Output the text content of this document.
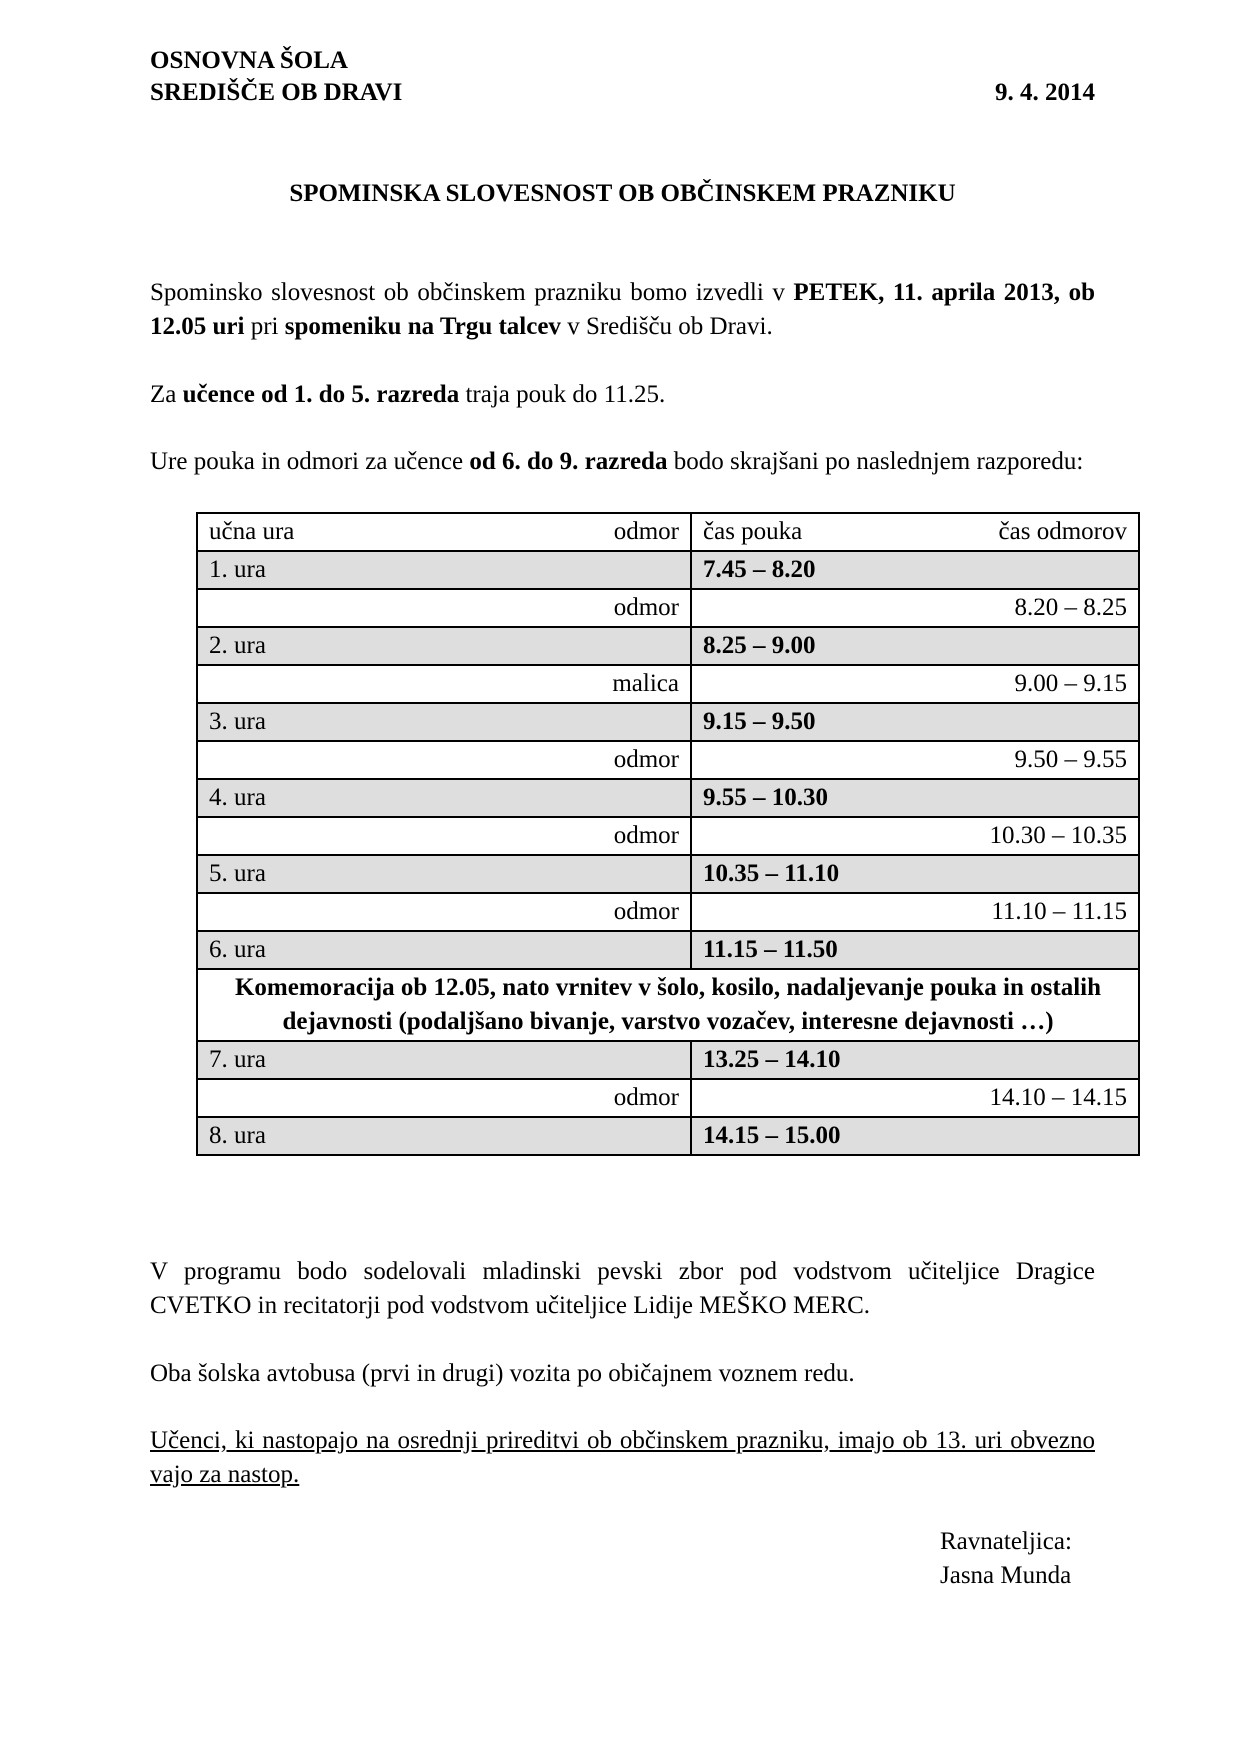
OSNOVNA ŠOLA
SREDIŠČE OB DRAVI	9. 4. 2014
SPOMINSKA SLOVESNOST OB OBČINSKEM PRAZNIKU
Spominsko slovesnost ob občinskem prazniku bomo izvedli v PETEK, 11. aprila 2013, ob 12.05 uri pri spomeniku na Trgu talcev v Središču ob Dravi.
Za učence od 1. do 5. razreda traja pouk do 11.25.
Ure pouka in odmori za učence od 6. do 9. razreda bodo skrajšani po naslednjem razporedu:
učna ura odmor	čas pouka čas odmorov

1. ura	7.45 – 8.20
odmor	8.20 – 8.25
2. ura	8.25 – 9.00
malica	9.00 – 9.15
3. ura	9.15 – 9.50
odmor	9.50 – 9.55
4. ura	9.55 – 10.30
odmor	10.30 – 10.35
5. ura	10.35 – 11.10
odmor	11.10 – 11.15
6. ura	11.15 – 11.50
Komemoracija ob 12.05, nato vrnitev v šolo, kosilo, nadaljevanje pouka in ostalih dejavnosti (podaljšano bivanje, varstvo vozačev, interesne dejavnosti …)	
7. ura	13.25 – 14.10
odmor	14.10 – 14.15
8. ura	14.15 – 15.00
V programu bodo sodelovali mladinski pevski zbor pod vodstvom učiteljice Dragice CVETKO in recitatorji pod vodstvom učiteljice Lidije MEŠKO MERC.
Oba šolska avtobusa (prvi in drugi) vozita po običajnem voznem redu.
Učenci, ki nastopajo na osrednji prireditvi ob občinskem prazniku, imajo ob 13. uri obvezno vajo za nastop.
Ravnateljica:
Jasna Munda
